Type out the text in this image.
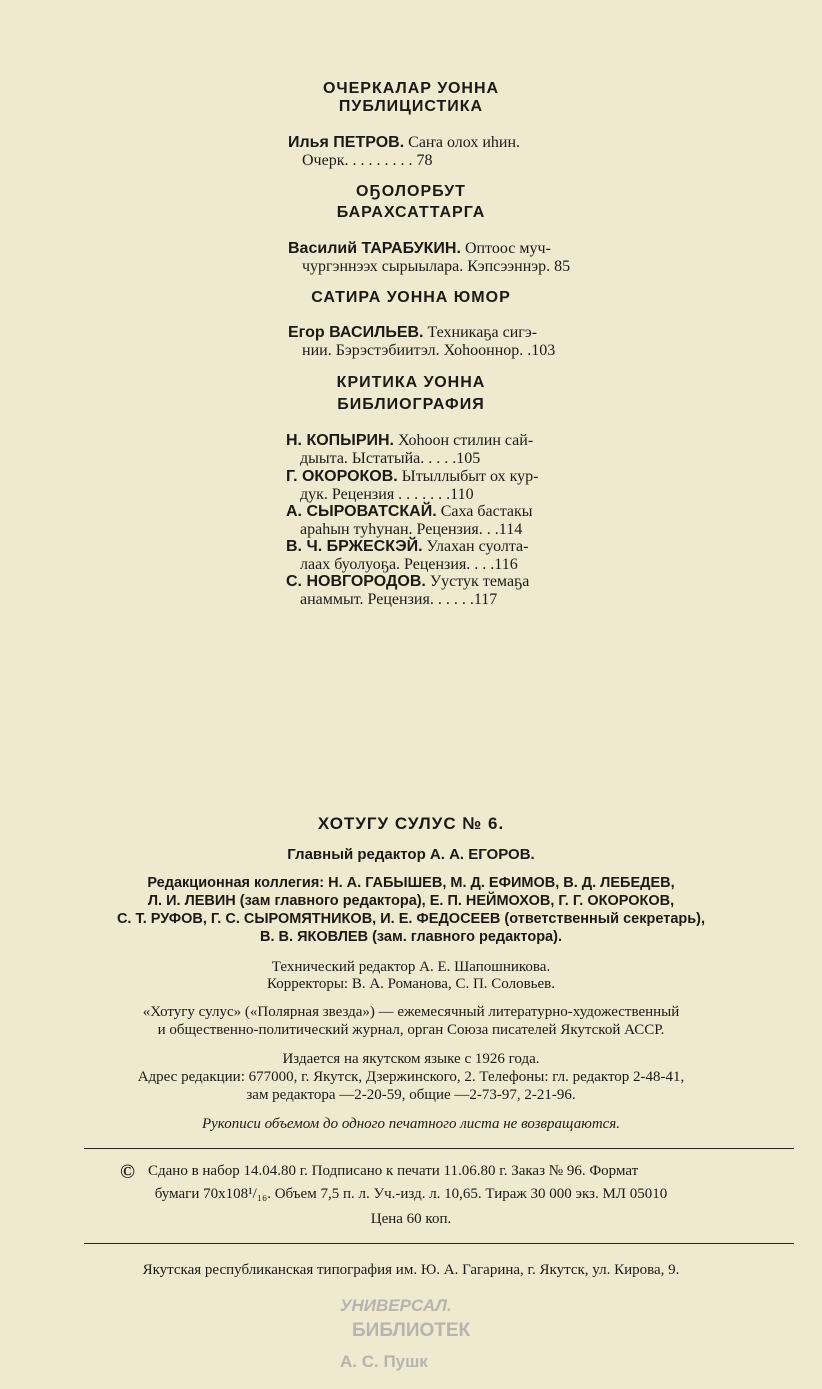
ОЧЕРКАЛАР УОННА
ПУБЛИЦИСТИКА
Илья ПЕТРОВ. Саҥа олох иһин.
Очерк. . . . . . . . . 78
ОҔОЛОРБУТ
БАРАХСАТТАРГА
Василий ТАРАБУКИН. Оптоос муч-
чургэннээх сырыылара. Кэпсээннэр. 85
САТИРА УОННА ЮМОР
Егор ВАСИЛЬЕВ. Техникаҕа сигэ-
нии. Бэрэстэбиитэл. Хоһооннор. .103
КРИТИКА УОННА
БИБЛИОГРАФИЯ
Н. КОПЫРИН. Хоһоон стилин сай-
дыыта. Ыстатыйа. . . . .105
Г. ОКОРОКОВ. Ытыллыбыт ох кур-
дук. Рецензия . . . . . . .110
А. СЫРОВАТСКАЙ. Саха бастакы
араһын туһунан. Рецензия. . .114
В. Ч. БРЖЕСКЭЙ. Улахан суолта-
лаах буолуоҕа. Рецензия. . . .116
С. НОВГОРОДОВ. Уустук темаҕа
анаммыт. Рецензия. . . . . .117
ХОТУГУ СУЛУС № 6.
Главный редактор А. А. ЕГОРОВ.
Редакционная коллегия: Н. А. ГАБЫШЕВ, М. Д. ЕФИМОВ, В. Д. ЛЕБЕДЕВ,
Л. И. ЛЕВИН (зам главного редактора), Е. П. НЕЙМОХОВ, Г. Г. ОКОРОКОВ,
С. Т. РУФОВ, Г. С. СЫРОМЯТНИКОВ, И. Е. ФЕДОСЕЕВ (ответственный секретарь),
В. В. ЯКОВЛЕВ (зам. главного редактора).
Технический редактор А. Е. Шапошникова.
Корректоры: В. А. Романова, С. П. Соловьев.
«Хотугу сулус» («Полярная звезда») — ежемесячный литературно-художественный
и общественно-политический журнал, орган Союза писателей Якутской АССР.
Издается на якутском языке с 1926 года.
Адрес редакции: 677000, г. Якутск, Дзержинского, 2. Телефоны: гл. редактор 2-48-41,
зам редактора —2-20-59, общие —2-73-97, 2-21-96.
Рукописи объемом до одного печатного листа не возвращаются.
© Сдано в набор 14.04.80 г. Подписано к печати 11.06.80 г. Заказ № 96. Формат
бумаги 70х108¹/₁₆. Объем 7,5 п. л. Уч.-изд. л. 10,65. Тираж 30 000 экз. МЛ 05010
Цена 60 коп.
Якутская республиканская типография им. Ю. А. Гагарина, г. Якутск, ул. Кирова, 9.
УНИВЕРСАЛ.
БИБЛИОТЕК
А. С. Пушк
